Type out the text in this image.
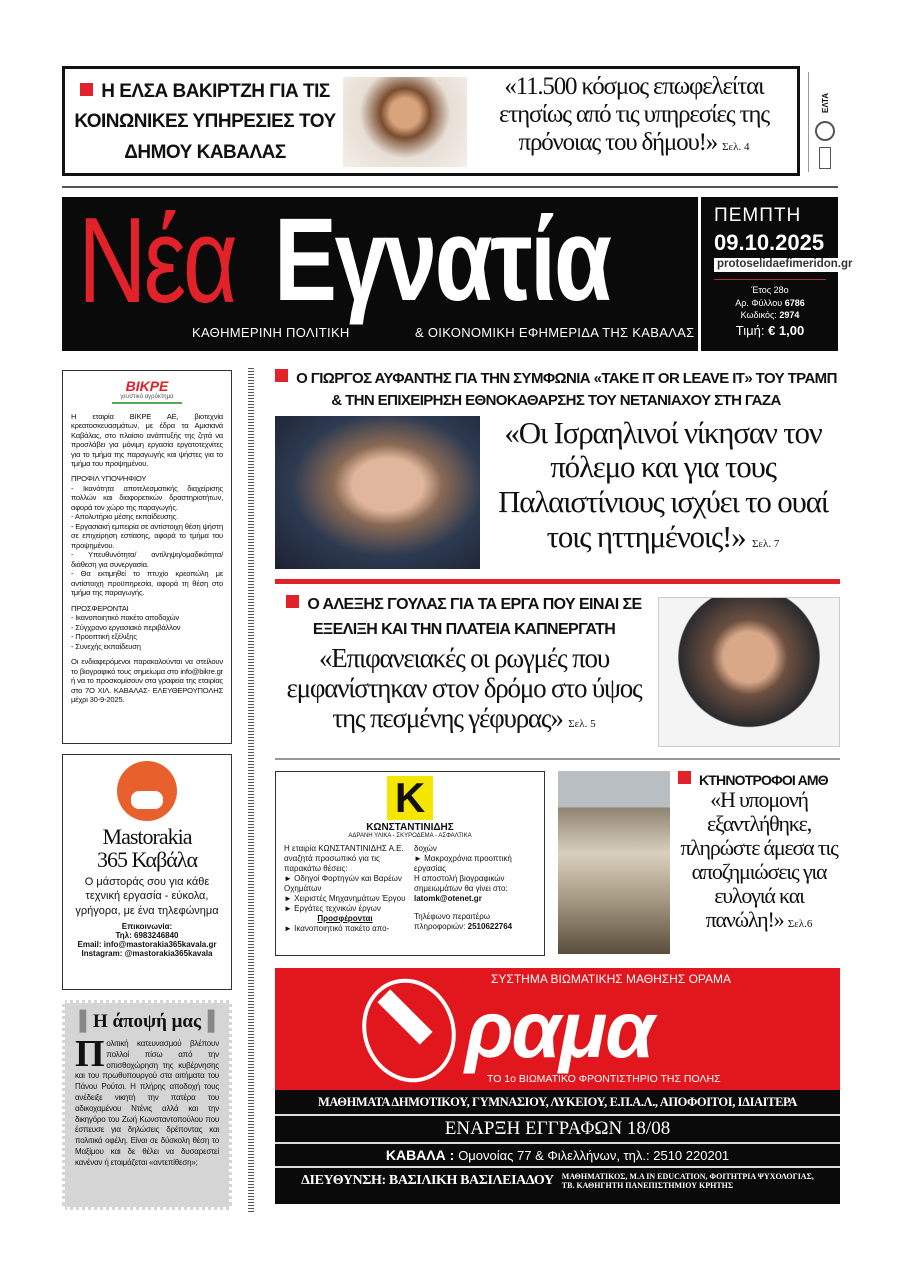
Η ΕΛΣΑ ΒΑΚΙΡΤΖΗ ΓΙΑ ΤΙΣ ΚΟΙΝΩΝΙΚΕΣ ΥΠΗΡΕΣΙΕΣ ΤΟΥ ΔΗΜΟΥ ΚΑΒΑΛΑΣ
«11.500 κόσμος επωφελείται ετησίως από τις υπηρεσίες της πρόνοιας του δήμου!» Σελ. 4
ΕΛΤΑ
Νέα Εγνατία
ΚΑΘΗΜΕΡΙΝΗ ΠΟΛΙΤΙΚΗ	& ΟΙΚΟΝΟΜΙΚΗ ΕΦΗΜΕΡΙΔΑ ΤΗΣ ΚΑΒΑΛΑΣ
ΠΕΜΠΤΗ
09.10.2025
protoselidaefimeridon.gr
Έτος 28ο
Αρ. Φύλλου 6786
Κωδικός: 2974
Τιμή: € 1,00
BIKPE
γευστικό αγρόκτημα

Η εταιρία ΒΙΚΡΕ ΑΕ, βιοτεχνία κρεατοσκευασμάτων, με έδρα τα Αμισιανά Καβάλας, στο πλαίσιο ανάπτυξής της ζητά να προσλάβει για μόνιμη εργασία εργατοτεχνίτες για το τμήμα της παραγωγής και ψήστες για το τμήμα του προψημένου.

ΠΡΟΦΙΛ ΥΠΟΨΗΦΙΟΥ

- Ικανότητα αποτελεσματικής διαχείρισης πολλών και διαφορετικών δραστηριοτήτων, αφορά τον χώρο της παραγωγής.

- Απολυτήριο μέσης εκπαίδευσης.

- Εργασιακή εμπειρία σε αντίστοιχη θέση ψήστη σε επιχείρηση εστίασης, αφορά το τμήμα του προψημένου.

- Υπευθυνότητα/ αντίληψη/ομαδικότητα/ διάθεση για συνεργασία.

- Θα εκτιμηθεί το πτυχίο κρεοπώλη με αντίστοιχη προϋπηρεσία, αφορά τη θέση στο τμήμα της παραγωγής.

ΠΡΟΣΦΕΡΟΝΤΑΙ

- Ικανοποιητικό πακέτο αποδοχών

- Σύγχρονο εργασιακό περιβάλλον

- Προοπτική εξέλιξης

- Συνεχής εκπαίδευση

Οι ενδιαφερόμενοι παρακαλούνται να στείλουν το βιογραφικό τους σημείωμα στο info@bikre.gr ή να το προσκομίσουν στα γραφεία της εταιρίας στο 7Ο ΧΙΛ. ΚΑΒΑΛΑΣ- ΕΛΕΥΘΕΡΟΥΠΟΛΗΣ μέχρι 30-9-2025.

Mastorakia
365 Καβάλα
Ο μάστοράς σου για κάθε τεχνική εργασία - εύκολα, γρήγορα, με ένα τηλεφώνημα
Επικοινωνία:
Τηλ: 6983246840
Email: info@mastorakia365kavala.gr
Instagram: @mastorakia365kavala
▌Η άποψή μας▐

Πολιτική κατευνασμού βλέπουν πολλοί πίσω από την οπισθοχώρηση της κυβέρνησης και του πρωθυπουργού στα αιτήματα του Πάνου Ρούτσι. Η πλήρης αποδοχή τους ανέδειξε νικητή την πατέρα του αδικοχαμένου Ντένις αλλά και την δικηγόρο του Ζωή Κωνσταντοπούλου που έσπευσε για δηλώσεις δρέποντας και πολιτικά οφέλη. Είναι σε δύσκολη θέση το Μαξίμου και δε θέλει να δυσαρεστεί κανέναν ή ετοιμάζεται «αντεπίθεση»;

Ο ΓΙΩΡΓΟΣ ΑΥΦΑΝΤΗΣ ΓΙΑ ΤΗΝ ΣΥΜΦΩΝΙΑ «TAKE IT OR LEAVE IT» ΤΟΥ ΤΡΑΜΠ & ΤΗΝ ΕΠΙΧΕΙΡΗΣΗ ΕΘΝΟΚΑΘΑΡΣΗΣ ΤΟΥ ΝΕΤΑΝΙΑΧΟΥ ΣΤΗ ΓΑΖΑ
«Οι Ισραηλινοί νίκησαν τον πόλεμο και για τους Παλαιστίνιους ισχύει το ουαί τοις ηττημένοις!» Σελ. 7
Ο ΑΛΕΞΗΣ ΓΟΥΛΑΣ ΓΙΑ ΤΑ ΕΡΓΑ ΠΟΥ ΕΙΝΑΙ ΣΕ ΕΞΕΛΙΞΗ ΚΑΙ ΤΗΝ ΠΛΑΤΕΙΑ ΚΑΠΝΕΡΓΑΤΗ
«Επιφανειακές οι ρωγμές που εμφανίστηκαν στον δρόμο στο ύψος της πεσμένης γέφυρας» Σελ. 5
K
ΚΩΝΣΤΑΝΤΙΝΙΔΗΣ
ΑΔΡΑΝΗ ΥΛΙΚΑ - ΣΚΥΡΟΔΕΜΑ - ΑΣΦΑΛΤΙΚΑ
Η εταιρία ΚΩΝΣΤΑΝΤΙΝΙΔΗΣ Α.Ε. αναζητά προσωπικό για τις παρακάτω θέσεις:
► Οδηγοί Φορτηγών και Βαρέων Οχημάτων
► Χειριστές Μηχανημάτων Έργου
► Εργάτες τεχνικών έργων
Προσφέρονται
► Ικανοποιητικό πακέτο απο-
δοχών
► Μακροχρόνια προοπτική εργασίας
Η αποστολή βιογραφικών σημειωμάτων θα γίνει στο:
latomk@otenet.gr
Τηλέφωνο περαιτέρω πληροφοριών: 2510622764
ΚΤΗΝΟΤΡΟΦΟΙ ΑΜΘ
«Η υπομονή εξαντλήθηκε, πληρώστε άμεσα τις αποζημιώσεις για ευλογιά και πανώλη!» Σελ.6
ΣΥΣΤΗΜΑ ΒΙΩΜΑΤΙΚΗΣ ΜΑΘΗΣΗΣ ΟΡΑΜΑ
ραμα
ΤΟ 1ο ΒΙΩΜΑΤΙΚΟ ΦΡΟΝΤΙΣΤΗΡΙΟ ΤΗΣ ΠΟΛΗΣ
ΜΑΘΗΜΑΤΑ ΔΗΜΟΤΙΚΟΥ, ΓΥΜΝΑΣΙΟΥ, ΛΥΚΕΙΟΥ, Ε.Π.Α.Λ., ΑΠΟΦΟΙΤΟΙ, ΙΔΙΑΙΤΕΡΑ
ΕΝΑΡΞΗ ΕΓΓΡΑΦΩΝ 18/08
ΚΑΒΑΛΑ : Ομονοίας 77 & Φιλελλήνων, τηλ.: 2510 220201
ΔΙΕΥΘΥΝΣΗ: ΒΑΣΙΛΙΚΗ ΒΑΣΙΛΕΙΑΔΟΥ ΜΑΘΗΜΑΤΙΚΟΣ, Μ.Α IN EDUCATION, ΦΟΙΤΗΤΡΙΑ ΨΥΧΟΛΟΓΙΑΣ,
ΤΒ. ΚΑΘΗΓΗΤΗ ΠΑΝΕΠΙΣΤΗΜΙΟΥ ΚΡΗΤΗΣ
